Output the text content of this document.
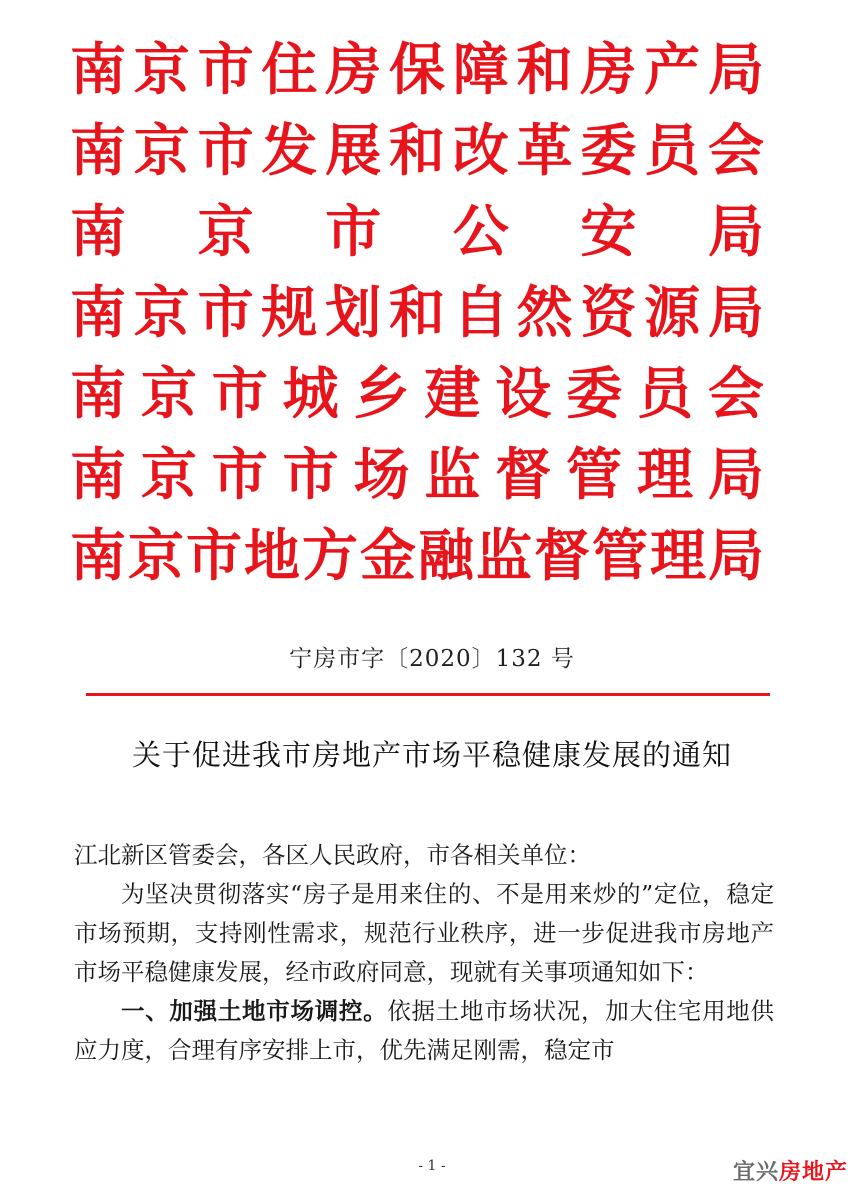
南 京 市 住 房 保 障 和 房 产 局
南 京 市 发 展 和 改 革 委 员 会
南 京 市 公 安 局
南 京 市 规 划 和 自 然 资 源 局
南 京 市 城 乡 建 设 委 员 会
南 京 市 市 场 监 督 管 理 局
南 京 市 地 方 金 融 监 督 管 理 局
宁房市字〔2020〕132 号
关于促进我市房地产市场平稳健康发展的通知

江北新区管委会，各区人民政府，市各相关单位：

为坚决贯彻落实“房子是用来住的、不是用来炒的”定位，稳定市场预期，支持刚性需求，规范行业秩序，进一步促进我市房地产市场平稳健康发展，经市政府同意，现就有关事项通知如下：

一、加强土地市场调控。依据土地市场状况，加大住宅用地供应力度，合理有序安排上市，优先满足刚需，稳定市

- 1 -	宜兴房地产
